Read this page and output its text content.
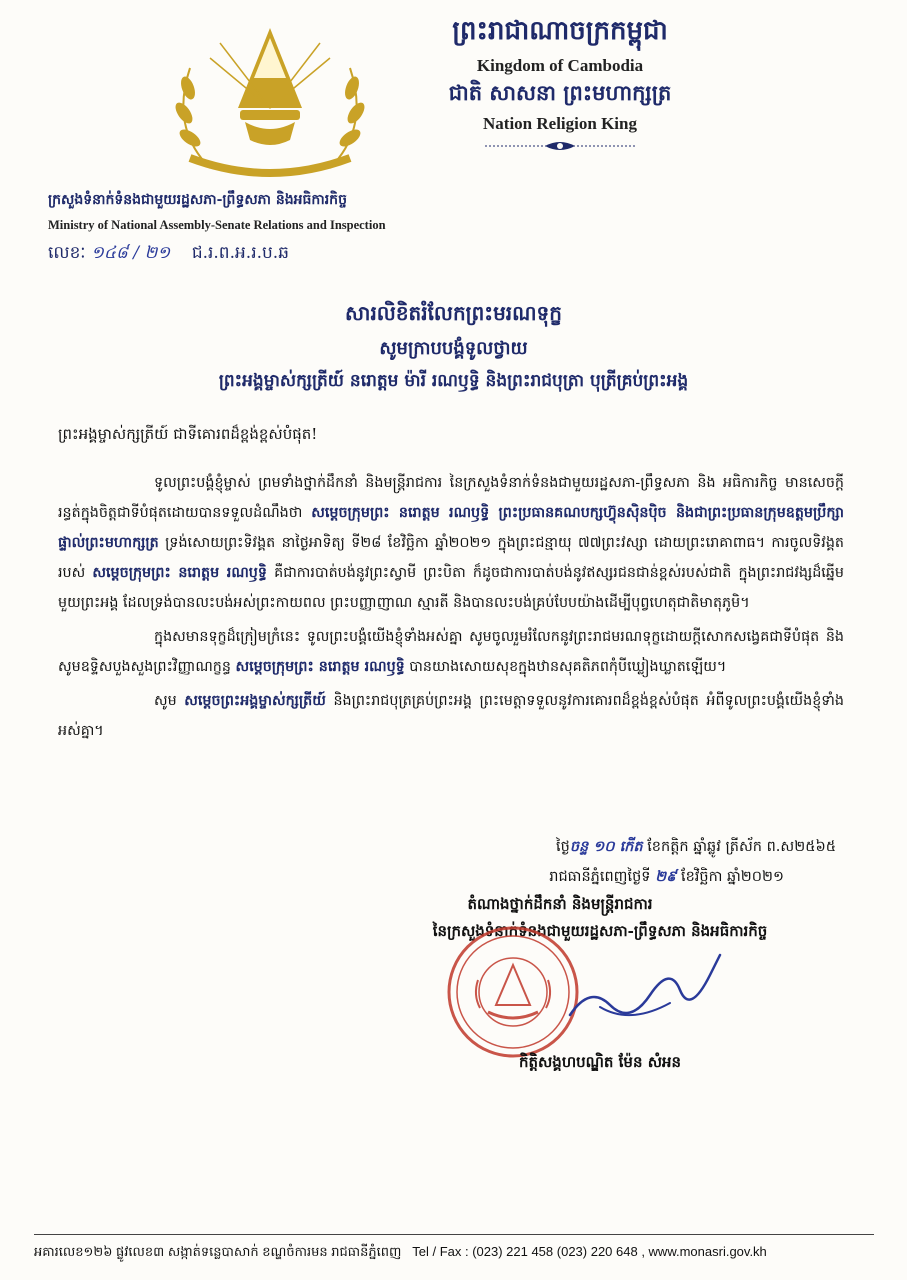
ព្រះរាជាណាចក្រកម្ពុជា
Kingdom of Cambodia
ជាតិ សាសនា ព្រះមហាក្សត្រ
Nation Religion King
ក្រសួងទំនាក់ទំនងជាមួយរដ្ឋសភា-ព្រឹទ្ធសភា និងអធិការកិច្ច
Ministry of National Assembly-Senate Relations and Inspection
លេខៈ ១៤៨ / ២១ ជ.រ.ព.អ.រ.ប.ឆ
សារលិខិតរំលែកព្រះមរណទុក្ខ
សូមក្រាបបង្គំទូលថ្វាយ
ព្រះអង្គម្ចាស់ក្សត្រីយ៍ នរោត្តម ម៉ារី រណឫទ្ធិ និងព្រះរាជបុត្រា បុត្រីគ្រប់ព្រះអង្គ
ព្រះអង្គម្ចាស់ក្សត្រីយ៍ ជាទីគោរពដ៏ខ្ពង់ខ្ពស់បំផុត!

ទូលព្រះបង្គំខ្ញុំម្ចាស់ ព្រមទាំងថ្នាក់ដឹកនាំ និងមន្ត្រីរាជការ នៃក្រសួងទំនាក់ទំនងជាមួយរដ្ឋសភា-ព្រឹទ្ធសភា និង អធិការកិច្ច មានសេចក្តីរន្ធត់ក្នុងចិត្តជាទីបំផុតដោយបានទទួលដំណឹងថា សម្តេចក្រុមព្រះ នរោត្តម រណឫទ្ធិ ព្រះប្រធានគណបក្សហ៊្វុនស៊ិនប៉ិច និងជាព្រះប្រធានក្រុមឧត្តមប្រឹក្សាផ្ទាល់ព្រះមហាក្សត្រ ទ្រង់សោយព្រះទិវង្គត នាថ្ងៃអាទិត្យ ទី២៨ ខែវិច្ឆិកា ឆ្នាំ២០២១ ក្នុងព្រះជន្មាយុ ៧៧ព្រះវស្សា ដោយព្រះរោគាពាធ។ ការចូលទិវង្គតរបស់ សម្តេចក្រុមព្រះ នរោត្តម រណឫទ្ធិ គឺជាការបាត់បង់នូវព្រះស្វាមី ព្រះបិតា ក៏ដូចជាការបាត់បង់នូវឥស្សរជនជាន់ខ្ពស់របស់ជាតិ ក្នុងព្រះរាជវង្សដ៏ឆ្នើមមួយព្រះអង្គ ដែលទ្រង់បានលះបង់អស់ព្រះកាយពល ព្រះបញ្ញាញាណ ស្មារតី និងបានលះបង់គ្រប់បែបយ៉ាងដើម្បីបុព្វហេតុជាតិមាតុភូមិ។

ក្នុងសមានទុក្ខដ៏ក្រៀមក្រំនេះ ទូលព្រះបង្គំយើងខ្ញុំទាំងអស់គ្នា សូមចូលរួមរំលែកនូវព្រះរាជមរណទុក្ខដោយក្តីសោកសង្វេគជាទីបំផុត និងសូមឧទ្ទិសបួងសួងព្រះវិញ្ញាណក្ខន្ធ សម្តេចក្រុមព្រះ នរោត្តម រណឫទ្ធិ បានយាងសោយសុខក្នុងឋានសុគតិភពកុំបីឃ្លៀងឃ្លាតឡើយ។

សូម សម្តេចព្រះអង្គម្ចាស់ក្សត្រីយ៍ និងព្រះរាជបុត្រគ្រប់ព្រះអង្គ ព្រះមេត្តាទទួលនូវការគោរពដ៏ខ្ពង់ខ្ពស់បំផុត អំពីទូលព្រះបង្គំយើងខ្ញុំទាំងអស់គ្នា។

ថ្ងៃចន្ទ ១០ កើត ខែកត្តិក ឆ្នាំឆ្លូវ ត្រីស័ក ព.ស២៥៦៥
រាជធានីភ្នំពេញថ្ងៃទី ២៩ ខែវិច្ឆិកា ឆ្នាំ២០២១
តំណាងថ្នាក់ដឹកនាំ និងមន្ត្រីរាជការ
នៃក្រសួងទំនាក់ទំនងជាមួយរដ្ឋសភា-ព្រឹទ្ធសភា និងអធិការកិច្ច
កិត្តិសង្គហបណ្ឌិត ម៉ែន សំអន
អគារលេខ១២៦ ផ្លូវលេខ៣ សង្កាត់ទន្លេបាសាក់ ខណ្ឌចំការមន រាជធានីភ្នំពេញ Tel / Fax : (023) 221 458 (023) 220 648 , www.monasri.gov.kh
